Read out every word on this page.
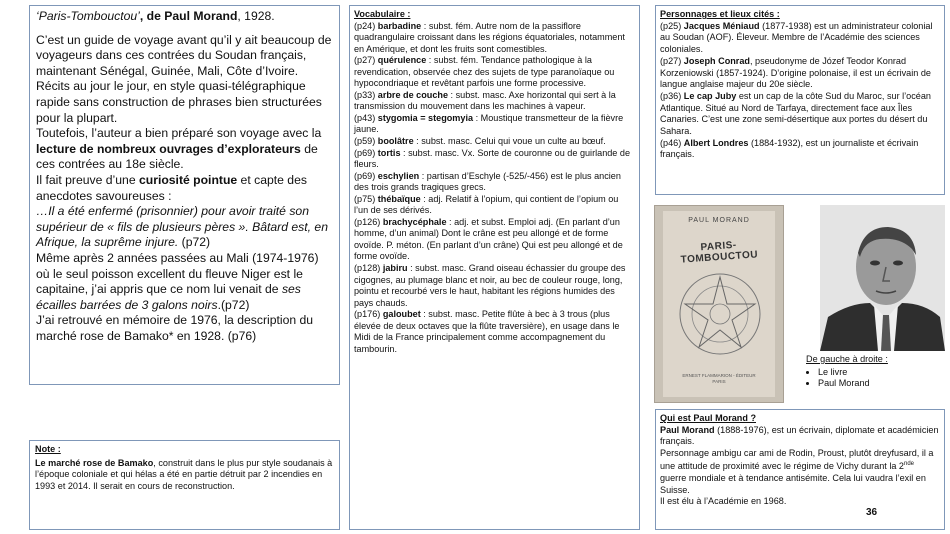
‘Paris-Tombouctou’, de Paul Morand, 1928.

C’est un guide de voyage avant qu’il y ait beaucoup de voyageurs dans ces contrées du Soudan français, maintenant Sénégal, Guinée, Mali, Côte d’Ivoire.

Récits au jour le jour, en style quasi-télégraphique rapide sans construction de phrases bien structurées pour la plupart.

Toutefois, l’auteur a bien préparé son voyage avec la lecture de nombreux ouvrages d’explorateurs de ces contrées au 18e siècle.

Il fait preuve d’une curiosité pointue et capte des anecdotes savoureuses :

…Il a été enfermé (prisonnier) pour avoir traité son supérieur de « fils de plusieurs pères ». Bâtard est, en Afrique, la suprême injure. (p72)

Même après 2 années passées au Mali (1974-1976) où le seul poisson excellent du fleuve Niger est le capitaine, j’ai appris que ce nom lui venait de ses écailles barrées de 3 galons noirs.(p72)

J’ai retrouvé en mémoire de 1976, la description du marché rose de Bamako* en 1928. (p76)

Note :
Le marché rose de Bamako, construit dans le plus pur style soudanais à l’époque coloniale et qui hélas a été en partie détruit par 2 incendies en 1993 et 2014. Il serait en cours de reconstruction.
Vocabulaire :

(p24) barbadine : subst. fém. Autre nom de la passiflore quadrangulaire croissant dans les régions équatoriales, notamment en Amérique, et dont les fruits sont comestibles.

(p27) quérulence : subst. fém. Tendance pathologique à la revendication, observée chez des sujets de type paranoïaque ou hypocondriaque et revêtant parfois une forme processive.

(p33) arbre de couche : subst. masc. Axe horizontal qui sert à la transmission du mouvement dans les machines à vapeur.

(p43) stygomia = stegomyia : Moustique transmetteur de la fièvre jaune.

(p59) boolâtre : subst. masc. Celui qui voue un culte au bœuf.

(p69) tortis : subst. masc. Vx. Sorte de couronne ou de guirlande de fleurs.

(p69) eschylien : partisan d’Eschyle (-525/-456) est le plus ancien des trois grands tragiques grecs.

(p75) thébaïque : adj. Relatif à l’opium, qui contient de l’opium ou l’un de ses dérivés.

(p126) brachycéphale : adj. et subst. Emploi adj. (En parlant d’un homme, d’un animal) Dont le crâne est peu allongé et de forme ovoïde. P. méton. (En parlant d’un crâne) Qui est peu allongé et de forme ovoïde.

(p128) jabiru : subst. masc. Grand oiseau échassier du groupe des cigognes, au plumage blanc et noir, au bec de couleur rouge, long, pointu et recourbé vers le haut, habitant les régions humides des pays chauds.

(p176) galoubet : subst. masc. Petite flûte à bec à 3 trous (plus élevée de deux octaves que la flûte traversière), en usage dans le Midi de la France principalement comme accompagnement du tambourin.

Personnages et lieux cités :

(p25) Jacques Méniaud (1877-1938) est un administrateur colonial au Soudan (AOF). Éleveur. Membre de l’Académie des sciences coloniales.

(p27) Joseph Conrad, pseudonyme de Józef Teodor Konrad Korzeniowski (1857-1924). D’origine polonaise, il est un écrivain de langue anglaise majeur du 20e siècle.

(p36) Le cap Juby est un cap de la côte Sud du Maroc, sur l’océan Atlantique. Situé au Nord de Tarfaya, directement face aux Îles Canaries. C’est une zone semi-désertique aux portes du désert du Sahara.

(p46) Albert Londres (1884-1932), est un journaliste et écrivain français.

PAUL MORAND
PARIS-TOMBOUCTOU
ERNEST FLAMMARION - ÉDITEUR
PARIS
De gauche à droite :
• Le livre
• Paul Morand
Qui est Paul Morand ?

Paul Morand (1888-1976), est un écrivain, diplomate et académicien français.

Personnage ambigu car ami de Rodin, Proust, plutôt dreyfusard, il a une attitude de proximité avec le régime de Vichy durant la 2nde guerre mondiale et à tendance antisémite. Cela lui vaudra l’exil en Suisse.

Il est élu à l’Académie en 1968.

36
